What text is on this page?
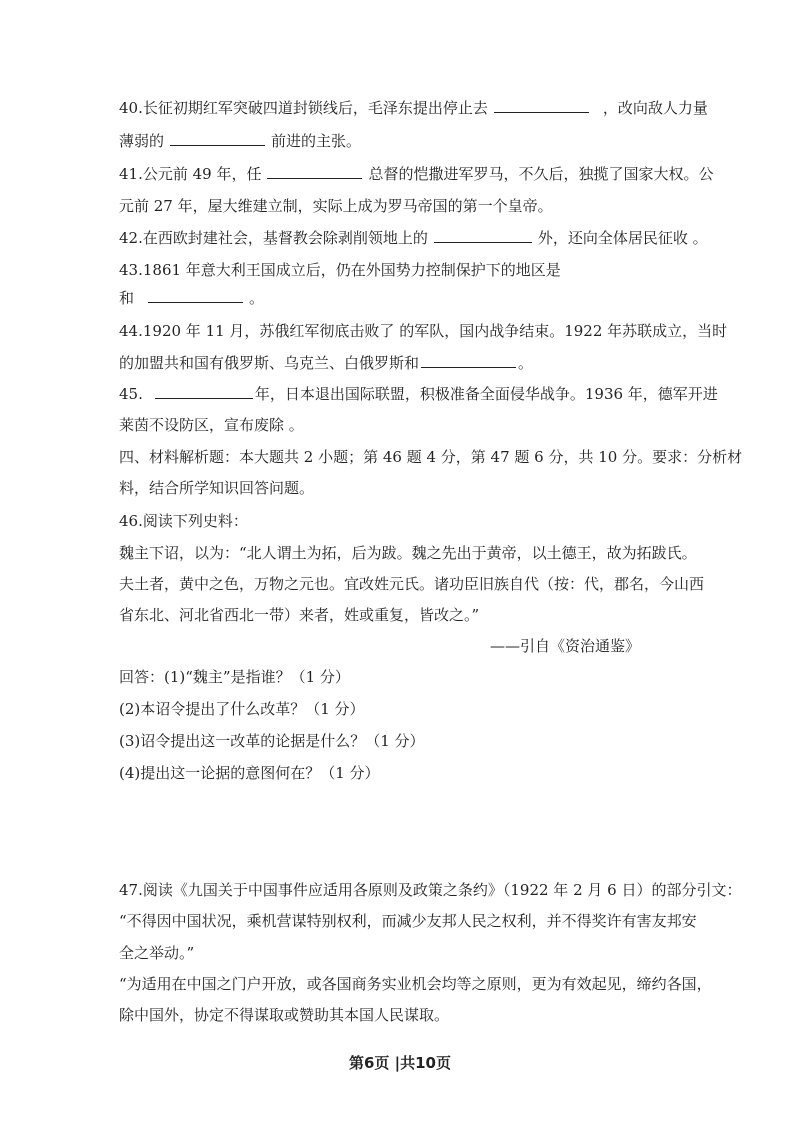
40.长征初期红军突破四道封锁线后，毛泽东提出停止去	，改向敌人力量
薄弱的	前进的主张。
41.公元前 49 年，任	总督的恺撒进军罗马，不久后，独揽了国家大权。公
元前 27 年，屋大维建立制，实际上成为罗马帝国的第一个皇帝。
42.在西欧封建社会，基督教会除剥削领地上的	外，还向全体居民征收 。
43.1861 年意大利王国成立后，仍在外国势力控制保护下的地区是
和	。
44.1920 年 11 月，苏俄红军彻底击败了 的军队，国内战争结束。1922 年苏联成立，当时
的加盟共和国有俄罗斯、乌克兰、白俄罗斯和	。
45.	年，日本退出国际联盟，积极准备全面侵华战争。1936 年，德军开进
莱茵不设防区，宣布废除 。
四、材料解析题：本大题共 2 小题；第 46 题 4 分，第 47 题 6 分，共 10 分。要求：分析材
料，结合所学知识回答问题。
46.阅读下列史料：
魏主下诏，以为：“北人谓土为拓，后为跋。魏之先出于黄帝，以土德王，故为拓跋氏。
夫土者，黄中之色，万物之元也。宜改姓元氏。诸功臣旧族自代（按：代，郡名，今山西
省东北、河北省西北一带）来者，姓或重复，皆改之。”
——引自《资治通鉴》
回答：(1)“魏主”是指谁？（1 分）
(2)本诏令提出了什么改革？（1 分）
(3)诏令提出这一改革的论据是什么？（1 分）
(4)提出这一论据的意图何在？（1 分）
47.阅读《九国关于中国事件应适用各原则及政策之条约》（1922 年 2 月 6 日）的部分引文：
“不得因中国状况，乘机营谋特别权利，而减少友邦人民之权利，并不得奖许有害友邦安
全之举动。”
“为适用在中国之门户开放，或各国商务实业机会均等之原则，更为有效起见，缔约各国，
除中国外，协定不得谋取或赞助其本国人民谋取。
第6页 |共10页
